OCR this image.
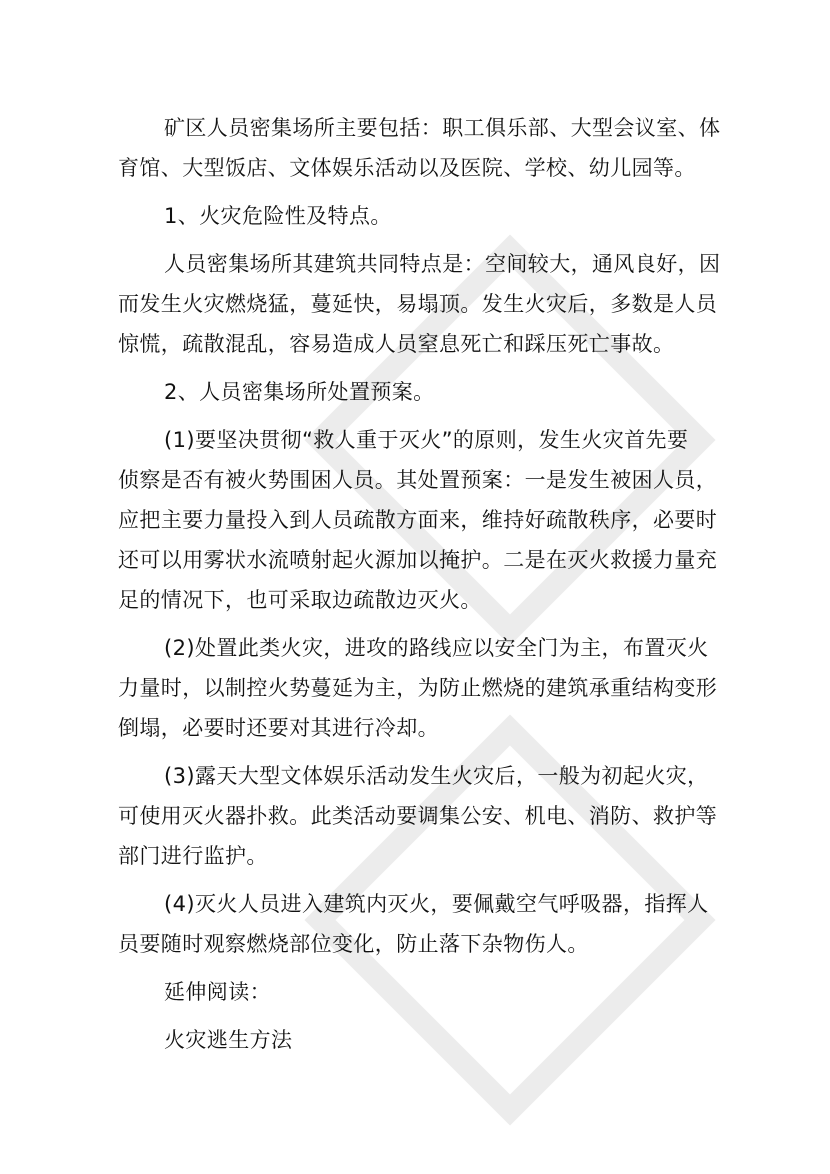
矿区人员密集场所主要包括：职工俱乐部、大型会议室、体
育馆、大型饭店、文体娱乐活动以及医院、学校、幼儿园等。
1、火灾危险性及特点。
人员密集场所其建筑共同特点是：空间较大，通风良好，因
而发生火灾燃烧猛，蔓延快，易塌顶。发生火灾后，多数是人员
惊慌，疏散混乱，容易造成人员窒息死亡和踩压死亡事故。
2、人员密集场所处置预案。
(1)要坚决贯彻“救人重于灭火”的原则，发生火灾首先要
侦察是否有被火势围困人员。其处置预案：一是发生被困人员，
应把主要力量投入到人员疏散方面来，维持好疏散秩序，必要时
还可以用雾状水流喷射起火源加以掩护。二是在灭火救援力量充
足的情况下，也可采取边疏散边灭火。
(2)处置此类火灾，进攻的路线应以安全门为主，布置灭火
力量时，以制控火势蔓延为主，为防止燃烧的建筑承重结构变形
倒塌，必要时还要对其进行冷却。
(3)露天大型文体娱乐活动发生火灾后，一般为初起火灾，
可使用灭火器扑救。此类活动要调集公安、机电、消防、救护等
部门进行监护。
(4)灭火人员进入建筑内灭火，要佩戴空气呼吸器，指挥人
员要随时观察燃烧部位变化，防止落下杂物伤人。
延伸阅读：
火灾逃生方法
